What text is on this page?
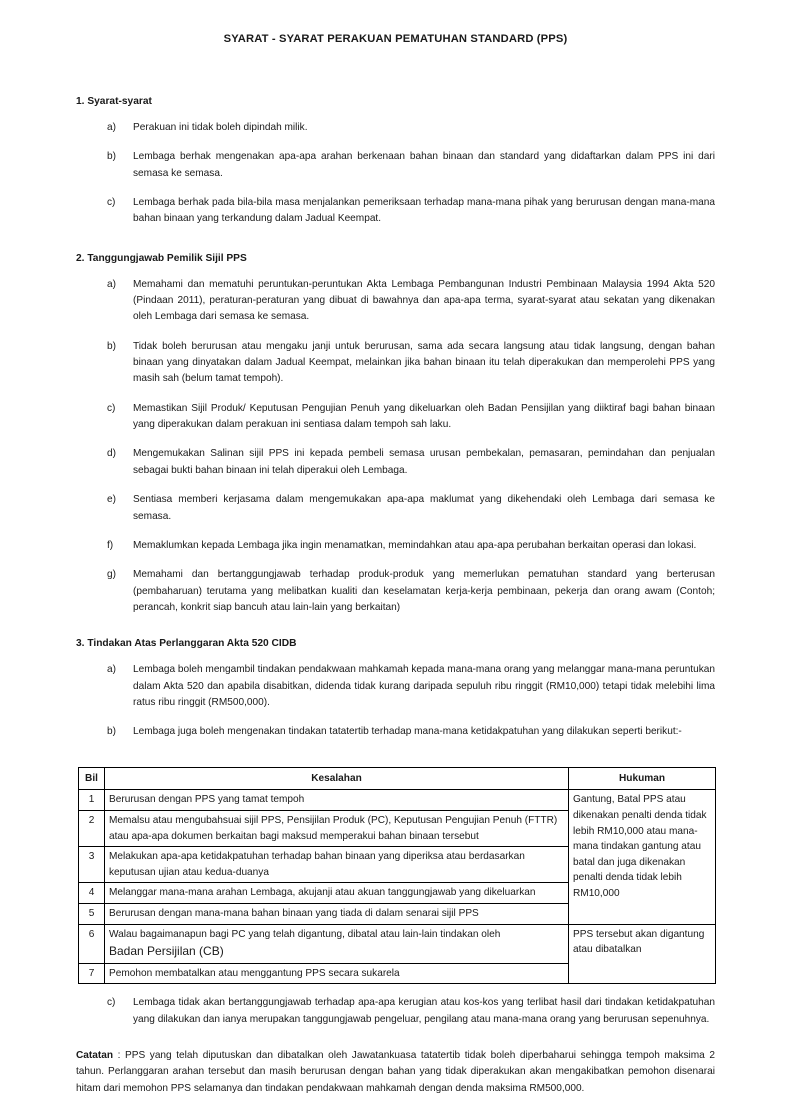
SYARAT - SYARAT PERAKUAN PEMATUHAN STANDARD (PPS)
1. Syarat-syarat
a)	Perakuan ini tidak boleh dipindah milik.
b)	Lembaga berhak mengenakan apa-apa arahan berkenaan bahan binaan dan standard yang didaftarkan dalam PPS ini dari semasa ke semasa.
c)	Lembaga berhak pada bila-bila masa menjalankan pemeriksaan terhadap mana-mana pihak yang berurusan dengan mana-mana bahan binaan yang terkandung dalam Jadual Keempat.
2. Tanggungjawab Pemilik Sijil PPS
a)	Memahami dan mematuhi peruntukan-peruntukan Akta Lembaga Pembangunan Industri Pembinaan Malaysia 1994 Akta 520 (Pindaan 2011), peraturan-peraturan yang dibuat di bawahnya dan apa-apa terma, syarat-syarat atau sekatan yang dikenakan oleh Lembaga dari semasa ke semasa.
b)	Tidak boleh berurusan atau mengaku janji untuk berurusan, sama ada secara langsung atau tidak langsung, dengan bahan binaan yang dinyatakan dalam Jadual Keempat, melainkan jika bahan binaan itu telah diperakukan dan memperolehi PPS yang masih sah (belum tamat tempoh).
c)	Memastikan Sijil Produk/ Keputusan Pengujian Penuh yang dikeluarkan oleh Badan Pensijilan yang diiktiraf bagi bahan binaan yang diperakukan dalam perakuan ini sentiasa dalam tempoh sah laku.
d)	Mengemukakan Salinan sijil PPS ini kepada pembeli semasa urusan pembekalan, pemasaran, pemindahan dan penjualan sebagai bukti bahan binaan ini telah diperakui oleh Lembaga.
e)	Sentiasa memberi kerjasama dalam mengemukakan apa-apa maklumat yang dikehendaki oleh Lembaga dari semasa ke semasa.
f)	Memaklumkan kepada Lembaga jika ingin menamatkan, memindahkan atau apa-apa perubahan berkaitan operasi dan lokasi.
g)	Memahami dan bertanggungjawab terhadap produk-produk yang memerlukan pematuhan standard yang berterusan (pembaharuan) terutama yang melibatkan kualiti dan keselamatan kerja-kerja pembinaan, pekerja dan orang awam (Contoh; perancah, konkrit siap bancuh atau lain-lain yang berkaitan)
3. Tindakan Atas Perlanggaran Akta 520 CIDB
a)	Lembaga boleh mengambil tindakan pendakwaan mahkamah kepada mana-mana orang yang melanggar mana-mana peruntukan dalam Akta 520 dan apabila disabitkan, didenda tidak kurang daripada sepuluh ribu ringgit (RM10,000) tetapi tidak melebihi lima ratus ribu ringgit (RM500,000).
b)	Lembaga juga boleh mengenakan tindakan tatatertib terhadap mana-mana ketidakpatuhan yang dilakukan seperti berikut:-
Bil	Kesalahan	Hukuman
1	Berurusan dengan PPS yang tamat tempoh	Gantung, Batal PPS atau dikenakan penalti denda tidak lebih RM10,000 atau mana-mana tindakan gantung atau batal dan juga dikenakan penalti denda tidak lebih RM10,000
2	Memalsu atau mengubahsuai sijil PPS, Pensijilan Produk (PC), Keputusan Pengujian Penuh (FTTR) atau apa-apa dokumen berkaitan bagi maksud memperakui bahan binaan tersebut	
3	Melakukan apa-apa ketidakpatuhan terhadap bahan binaan yang diperiksa atau berdasarkan keputusan ujian atau kedua-duanya	
4	Melanggar mana-mana arahan Lembaga, akujanji atau akuan tanggungjawab yang dikeluarkan	
5	Berurusan dengan mana-mana bahan binaan yang tiada di dalam senarai sijil PPS	
6	Walau bagaimanapun bagi PC yang telah digantung, dibatal atau lain-lain tindakan oleh
Badan Persijilan (CB)	PPS tersebut akan digantung atau dibatalkan
7	Pemohon membatalkan atau menggantung PPS secara sukarela	
c)	Lembaga tidak akan bertanggungjawab terhadap apa-apa kerugian atau kos-kos yang terlibat hasil dari tindakan ketidakpatuhan yang dilakukan dan ianya merupakan tanggungjawab pengeluar, pengilang atau mana-mana orang yang berurusan sepenuhnya.
Catatan : PPS yang telah diputuskan dan dibatalkan oleh Jawatankuasa tatatertib tidak boleh diperbaharui sehingga tempoh maksima 2 tahun. Perlanggaran arahan tersebut dan masih berurusan dengan bahan yang tidak diperakukan akan mengakibatkan pemohon disenarai hitam dari memohon PPS selamanya dan tindakan pendakwaan mahkamah dengan denda maksima RM500,000.
